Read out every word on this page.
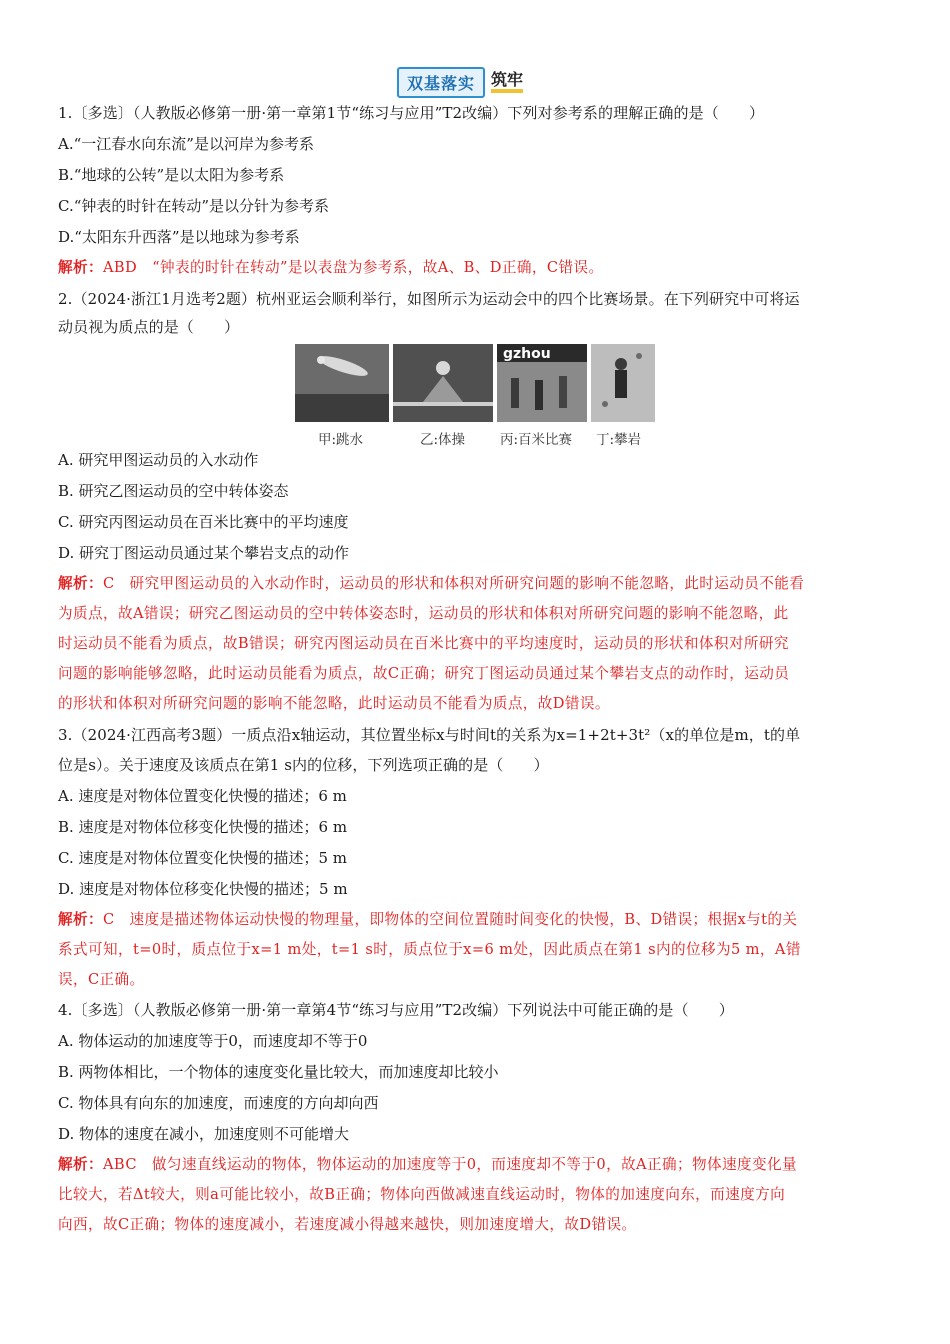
双基落实	筑牢
1.〔多选〕（人教版必修第一册·第一章第1节“练习与应用”T2改编）下列对参考系的理解正确的是（　　）
A.“一江春水向东流”是以河岸为参考系
B.“地球的公转”是以太阳为参考系
C.“钟表的时针在转动”是以分针为参考系
D.“太阳东升西落”是以地球为参考系
解析：ABD　“钟表的时针在转动”是以表盘为参考系，故A、B、D正确，C错误。
2.（2024·浙江1月选考2题）杭州亚运会顺利举行，如图所示为运动会中的四个比赛场景。在下列研究中可将运
动员视为质点的是（　　）
gzhou
甲:跳水	乙:体操	丙:百米比赛 丁:攀岩
A. 研究甲图运动员的入水动作
B. 研究乙图运动员的空中转体姿态
C. 研究丙图运动员在百米比赛中的平均速度
D. 研究丁图运动员通过某个攀岩支点的动作
解析：C　研究甲图运动员的入水动作时，运动员的形状和体积对所研究问题的影响不能忽略，此时运动员不能看
为质点，故A错误；研究乙图运动员的空中转体姿态时，运动员的形状和体积对所研究问题的影响不能忽略，此
时运动员不能看为质点，故B错误；研究丙图运动员在百米比赛中的平均速度时，运动员的形状和体积对所研究
问题的影响能够忽略，此时运动员能看为质点，故C正确；研究丁图运动员通过某个攀岩支点的动作时，运动员
的形状和体积对所研究问题的影响不能忽略，此时运动员不能看为质点，故D错误。
3.（2024·江西高考3题）一质点沿x轴运动，其位置坐标x与时间t的关系为x=1+2t+3t²（x的单位是m，t的单
位是s）。关于速度及该质点在第1 s内的位移，下列选项正确的是（　　）
A. 速度是对物体位置变化快慢的描述；6 m
B. 速度是对物体位移变化快慢的描述；6 m
C. 速度是对物体位置变化快慢的描述；5 m
D. 速度是对物体位移变化快慢的描述；5 m
解析：C　速度是描述物体运动快慢的物理量，即物体的空间位置随时间变化的快慢，B、D错误；根据x与t的关
系式可知，t=0时，质点位于x=1 m处，t=1 s时，质点位于x=6 m处，因此质点在第1 s内的位移为5 m，A错
误，C正确。
4.〔多选〕（人教版必修第一册·第一章第4节“练习与应用”T2改编）下列说法中可能正确的是（　　）
A. 物体运动的加速度等于0，而速度却不等于0
B. 两物体相比，一个物体的速度变化量比较大，而加速度却比较小
C. 物体具有向东的加速度，而速度的方向却向西
D. 物体的速度在减小，加速度则不可能增大
解析：ABC　做匀速直线运动的物体，物体运动的加速度等于0，而速度却不等于0，故A正确；物体速度变化量
比较大，若Δt较大，则a可能比较小，故B正确；物体向西做减速直线运动时，物体的加速度向东，而速度方向
向西，故C正确；物体的速度减小，若速度减小得越来越快，则加速度增大，故D错误。
